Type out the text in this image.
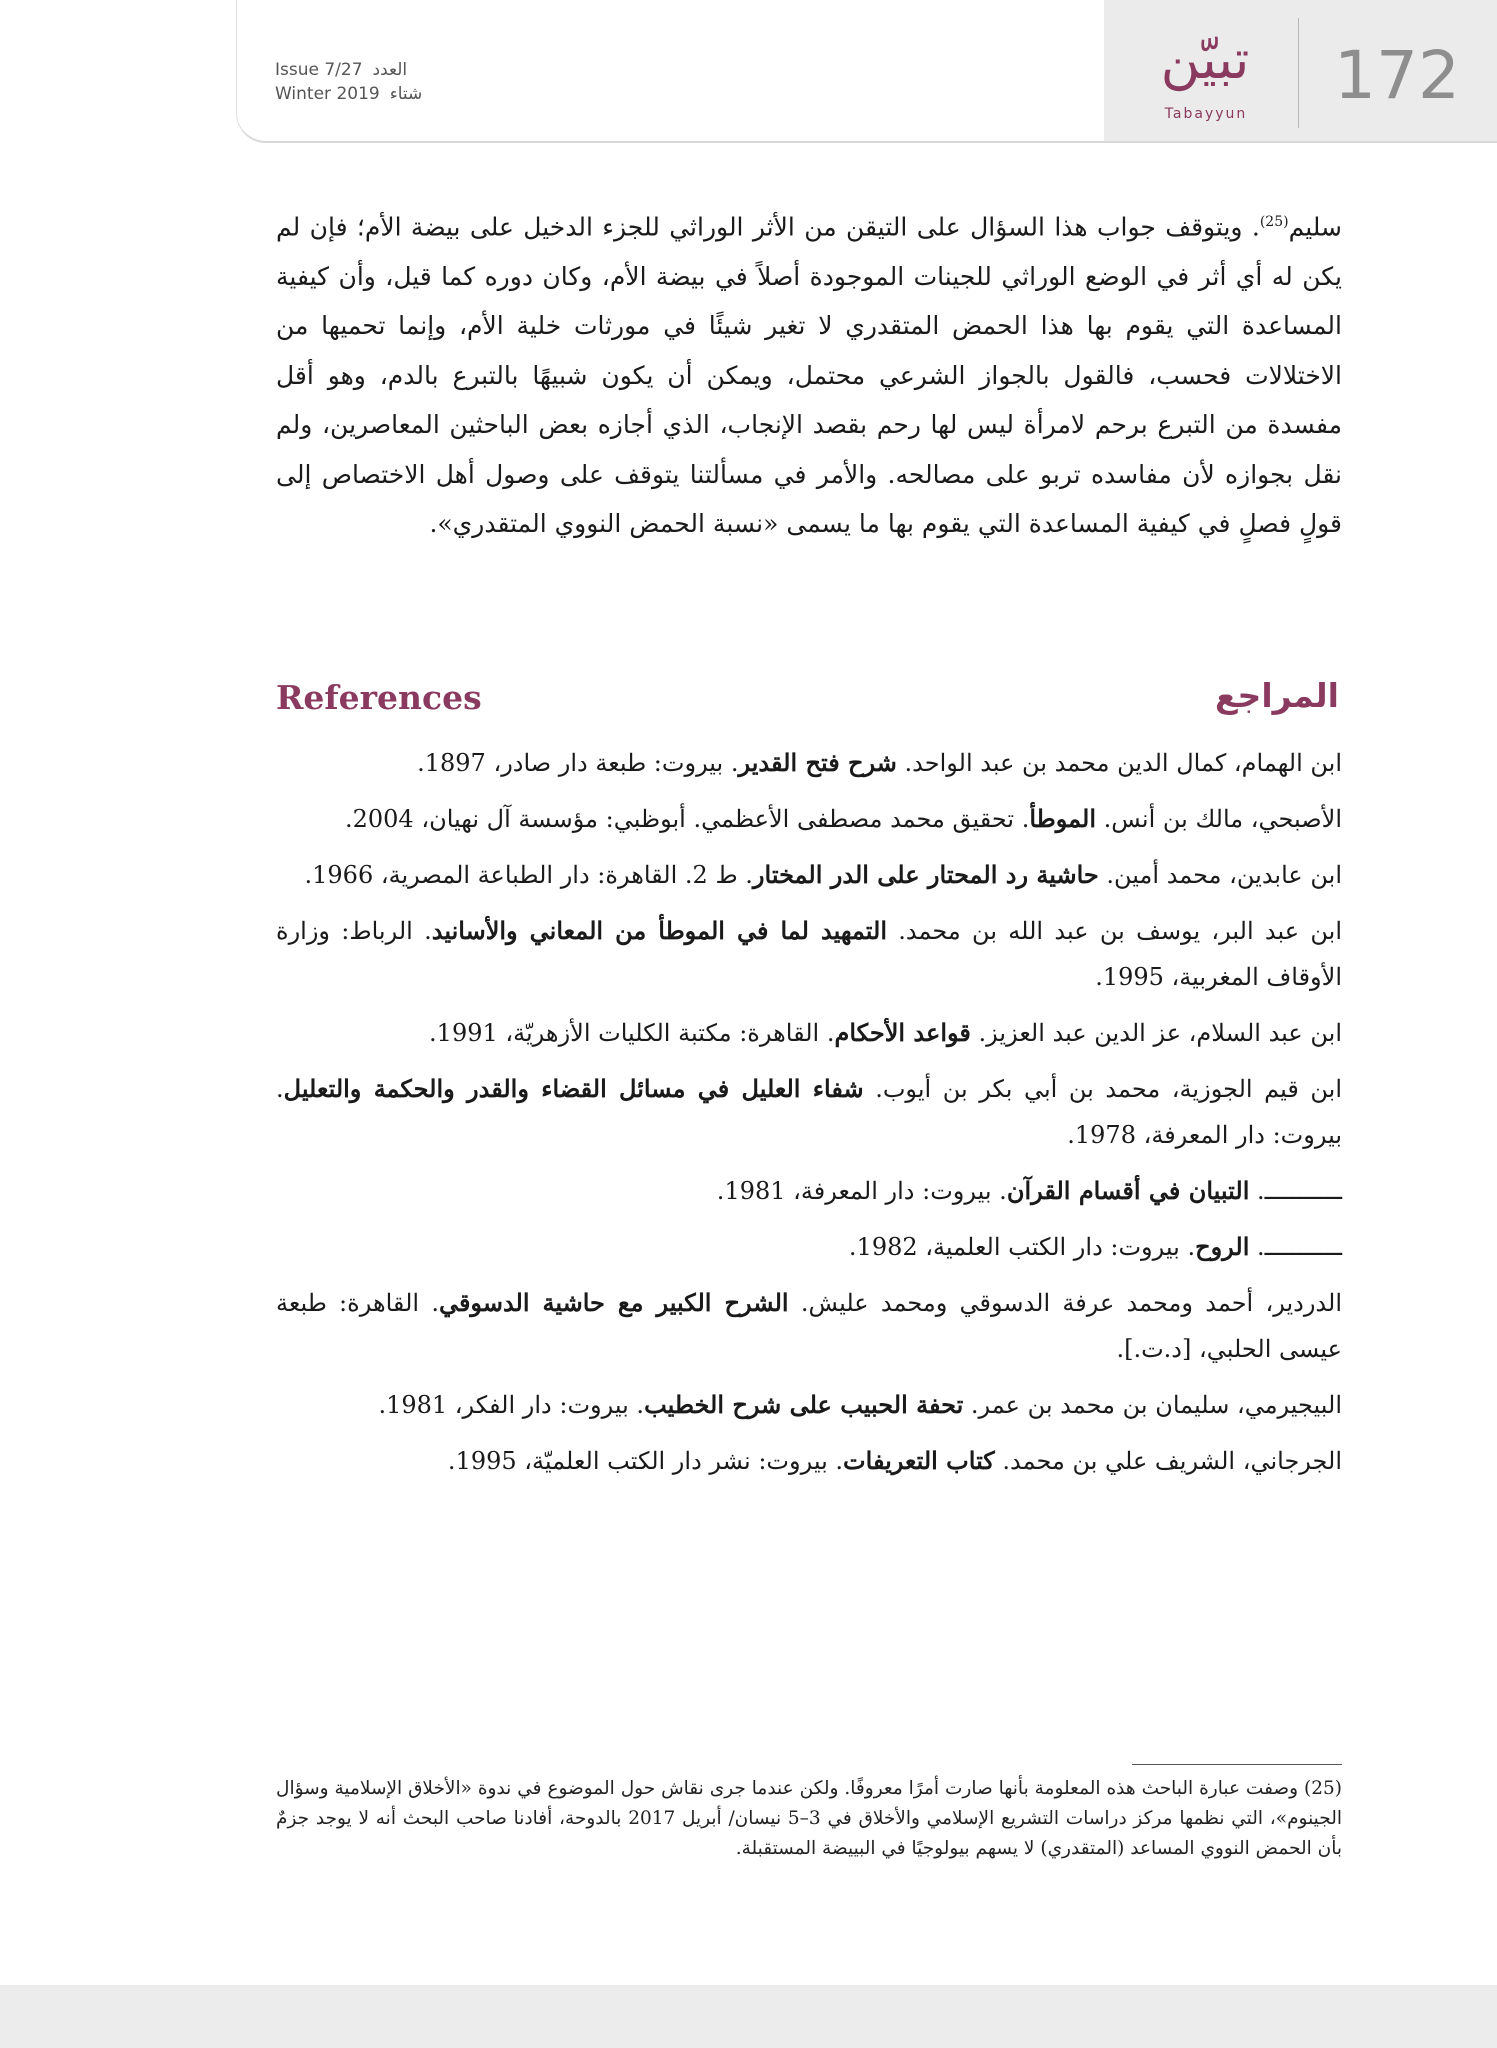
Issue 7/27 العدد
Winter 2019 شتاء
تبيّن
Tabayyun	172

سليم$^{(25)}$. ويتوقف جواب هذا السؤال على التيقن من الأثر الوراثي للجزء الدخيل على بيضة الأم؛ فإن لم يكن له أي أثر في الوضع الوراثي للجينات الموجودة أصلاً في بيضة الأم، وكان دوره كما قيل، وأن كيفية المساعدة التي يقوم بها هذا الحمض المتقدري لا تغير شيئًا في مورثات خلية الأم، وإنما تحميها من الاختلالات فحسب، فالقول بالجواز الشرعي محتمل، ويمكن أن يكون شبيهًا بالتبرع بالدم، وهو أقل مفسدة من التبرع برحم لامرأة ليس لها رحم بقصد الإنجاب، الذي أجازه بعض الباحثين المعاصرين، ولم نقل بجوازه لأن مفاسده تربو على مصالحه. والأمر في مسألتنا يتوقف على وصول أهل الاختصاص إلى قولٍ فصلٍ في كيفية المساعدة التي يقوم بها ما يسمى «نسبة الحمض النووي المتقدري».

References	المراجع

ابن الهمام، كمال الدين محمد بن عبد الواحد. شرح فتح القدير. بيروت: طبعة دار صادر، 1897.

الأصبحي، مالك بن أنس. الموطأ. تحقيق محمد مصطفى الأعظمي. أبوظبي: مؤسسة آل نهيان، 2004.

ابن عابدين، محمد أمين. حاشية رد المحتار على الدر المختار. ط 2. القاهرة: دار الطباعة المصرية، 1966.

ابن عبد البر، يوسف بن عبد الله بن محمد. التمهيد لما في الموطأ من المعاني والأسانيد. الرباط: وزارة الأوقاف المغربية، 1995.

ابن عبد السلام، عز الدين عبد العزيز. قواعد الأحكام. القاهرة: مكتبة الكليات الأزهريّة، 1991.

ابن قيم الجوزية، محمد بن أبي بكر بن أيوب. شفاء العليل في مسائل القضاء والقدر والحكمة والتعليل. بيروت: دار المعرفة، 1978.

ـــــــــــ. التبيان في أقسام القرآن. بيروت: دار المعرفة، 1981.

ـــــــــــ. الروح. بيروت: دار الكتب العلمية، 1982.

الدردير، أحمد ومحمد عرفة الدسوقي ومحمد عليش. الشرح الكبير مع حاشية الدسوقي. القاهرة: طبعة عيسى الحلبي، [د.ت.].

البيجيرمي، سليمان بن محمد بن عمر. تحفة الحبيب على شرح الخطيب. بيروت: دار الفكر، 1981.

الجرجاني، الشريف علي بن محمد. كتاب التعريفات. بيروت: نشر دار الكتب العلميّة، 1995.

(25) وصفت عبارة الباحث هذه المعلومة بأنها صارت أمرًا معروفًا. ولكن عندما جرى نقاش حول الموضوع في ندوة «الأخلاق الإسلامية وسؤال الجينوم»، التي نظمها مركز دراسات التشريع الإسلامي والأخلاق في 3–5 نيسان/ أبريل 2017 بالدوحة، أفادنا صاحب البحث أنه لا يوجد جزمٌ بأن الحمض النووي المساعد (المتقدري) لا يسهم بيولوجيًا في البييضة المستقبلة.
